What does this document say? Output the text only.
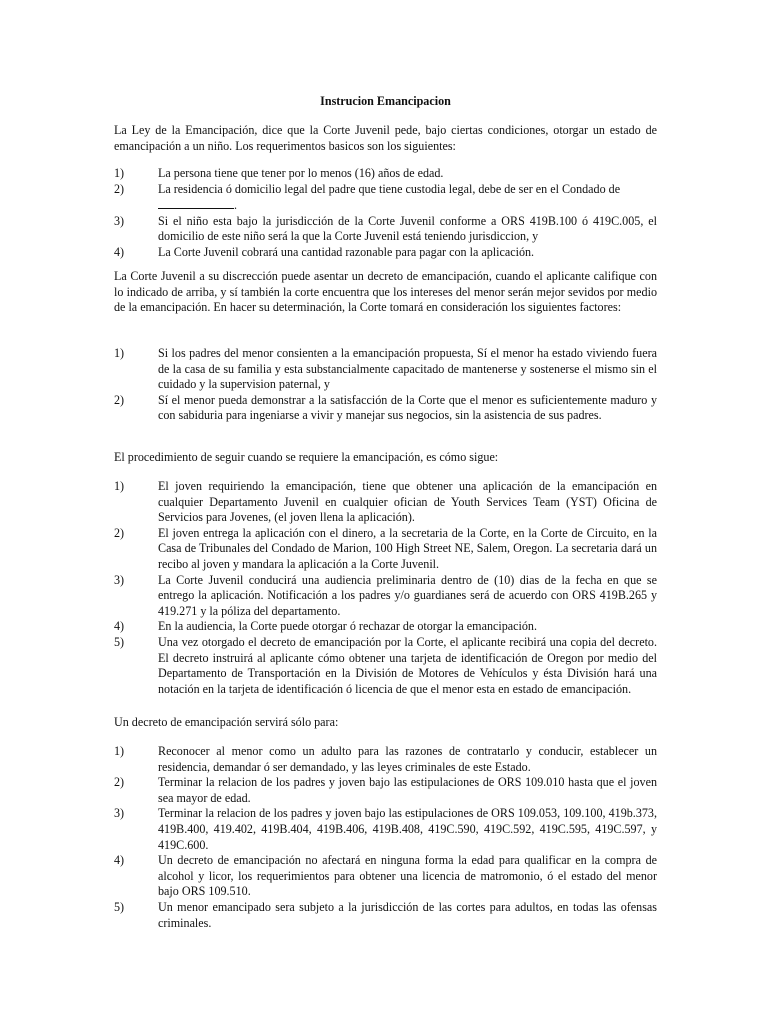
Instrucion Emancipacion
La Ley de la Emancipación, dice que la Corte Juvenil pede, bajo ciertas condiciones, otorgar un estado de emancipación a un niño. Los requerimentos basicos son los siguientes:
1)	La persona tiene que tener por lo menos (16) años de edad.
2)	La residencia ó domicilio legal del padre que tiene custodia legal, debe de ser en el Condado de
.
3)	Si el niño esta bajo la jurisdicción de la Corte Juvenil conforme a ORS 419B.100 ó 419C.005, el domicilio de este niño será la que la Corte Juvenil está teniendo jurisdiccion, y
4)	La Corte Juvenil cobrará una cantidad razonable para pagar con la aplicación.
La Corte Juvenil a su discrección puede asentar un decreto de emancipación, cuando el aplicante califique con lo indicado de arriba, y sí también la corte encuentra que los intereses del menor serán mejor sevidos por medio de la emancipación. En hacer su determinación, la Corte tomará en consideración los siguientes factores:
1)	Si los padres del menor consienten a la emancipación propuesta, Sí el menor ha estado viviendo fuera de la casa de su familia y esta substancialmente capacitado de mantenerse y sostenerse el mismo sin el cuidado y la supervision paternal, y
2)	Sí el menor pueda demonstrar a la satisfacción de la Corte que el menor es suficientemente maduro y con sabiduria para ingeniarse a vivir y manejar sus negocios, sin la asistencia de sus padres.
El procedimiento de seguir cuando se requiere la emancipación, es cómo sigue:
1)	El joven requiriendo la emancipación, tiene que obtener una aplicación de la emancipación en cualquier Departamento Juvenil en cualquier ofician de Youth Services Team (YST) Oficina de Servicios para Jovenes, (el joven llena la aplicación).
2)	El joven entrega la aplicación con el dinero, a la secretaria de la Corte, en la Corte de Circuito, en la Casa de Tribunales del Condado de Marion, 100 High Street NE, Salem, Oregon. La secretaria dará un recibo al joven y mandara la aplicación a la Corte Juvenil.
3)	La Corte Juvenil conducirá una audiencia preliminaria dentro de (10) dias de la fecha en que se entrego la aplicación. Notificación a los padres y/o guardianes será de acuerdo con ORS 419B.265 y 419.271 y la póliza del departamento.
4)	En la audiencia, la Corte puede otorgar ó rechazar de otorgar la emancipación.
5)	Una vez otorgado el decreto de emancipación por la Corte, el aplicante recibirá una copia del decreto. El decreto instruirá al aplicante cómo obtener una tarjeta de identificación de Oregon por medio del Departamento de Transportación en la División de Motores de Vehículos y ésta División hará una notación en la tarjeta de identificación ó licencia de que el menor esta en estado de emancipación.
Un decreto de emancipación servirá sólo para:
1)	Reconocer al menor como un adulto para las razones de contratarlo y conducir, establecer un residencia, demandar ó ser demandado, y las leyes criminales de este Estado.
2)	Terminar la relacion de los padres y joven bajo las estipulaciones de ORS 109.010 hasta que el joven sea mayor de edad.
3)	Terminar la relacion de los padres y joven bajo las estipulaciones de ORS 109.053, 109.100, 419b.373, 419B.400, 419.402, 419B.404, 419B.406, 419B.408, 419C.590, 419C.592, 419C.595, 419C.597, y 419C.600.
4)	Un decreto de emancipación no afectará en ninguna forma la edad para qualificar en la compra de alcohol y licor, los requerimientos para obtener una licencia de matromonio, ó el estado del menor bajo ORS 109.510.
5)	Un menor emancipado sera subjeto a la jurisdicción de las cortes para adultos, en todas las ofensas criminales.
